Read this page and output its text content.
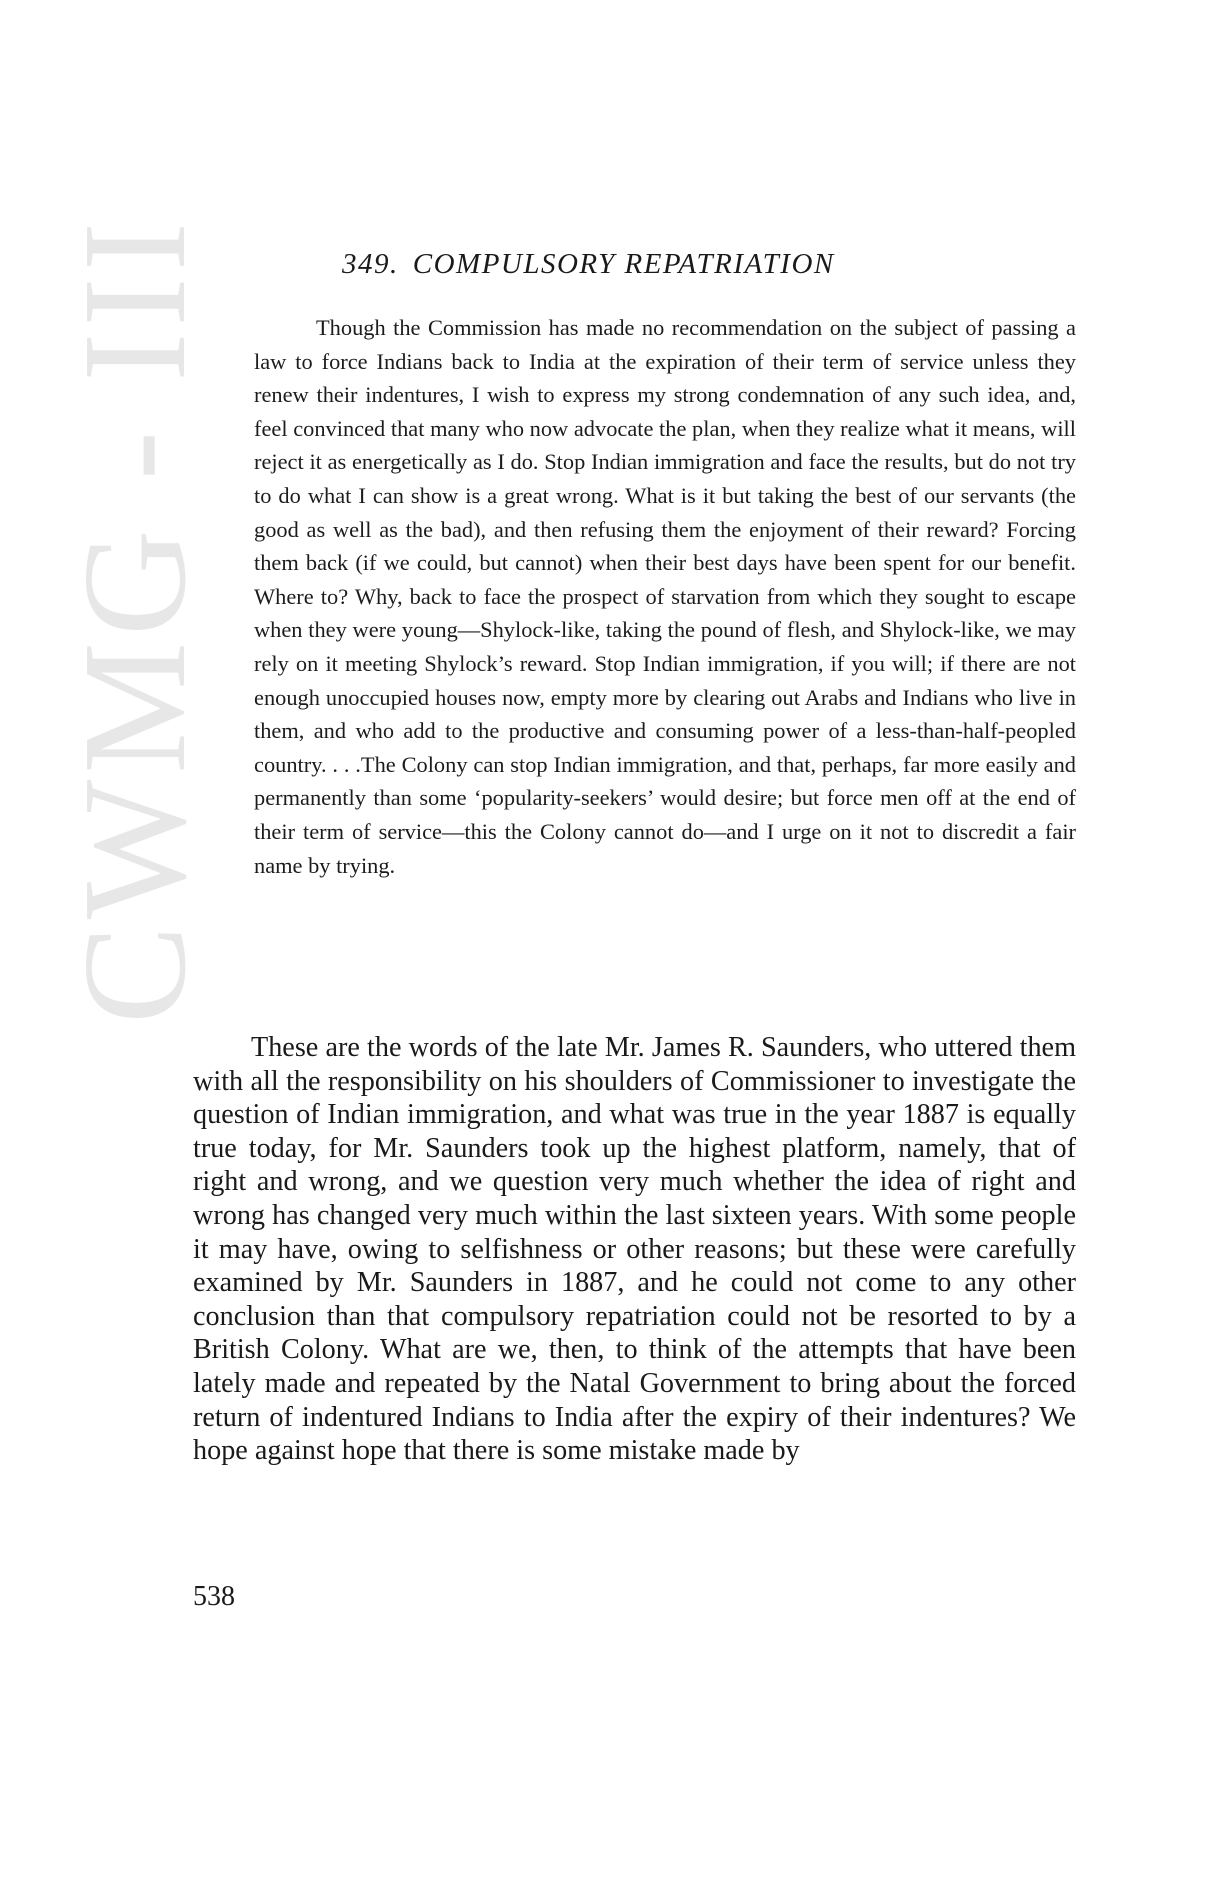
CWMG - III	349. COMPULSORY REPATRIATION

Though the Commission has made no recommendation on the subject of passing a law to force Indians back to India at the expiration of their term of service unless they renew their indentures, I wish to express my strong condemnation of any such idea, and, feel convinced that many who now advocate the plan, when they realize what it means, will reject it as energetically as I do. Stop Indian immigration and face the results, but do not try to do what I can show is a great wrong. What is it but taking the best of our servants (the good as well as the bad), and then refusing them the enjoyment of their reward? Forcing them back (if we could, but cannot) when their best days have been spent for our benefit. Where to? Why, back to face the prospect of starvation from which they sought to escape when they were young—Shylock-like, taking the pound of flesh, and Shylock-like, we may rely on it meeting Shylock’s reward. Stop Indian immigration, if you will; if there are not enough unoccupied houses now, empty more by clearing out Arabs and Indians who live in them, and who add to the productive and consuming power of a less-than-half-peopled country. . . .The Colony can stop Indian immigration, and that, perhaps, far more easily and permanently than some ‘popularity-seekers’ would desire; but force men off at the end of their term of service—this the Colony cannot do—and I urge on it not to discredit a fair name by trying.

These are the words of the late Mr. James R. Saunders, who uttered them with all the responsibility on his shoulders of Commissioner to investigate the question of Indian immigration, and what was true in the year 1887 is equally true today, for Mr. Saunders took up the highest platform, namely, that of right and wrong, and we question very much whether the idea of right and wrong has changed very much within the last sixteen years. With some people it may have, owing to selfishness or other reasons; but these were carefully examined by Mr. Saunders in 1887, and he could not come to any other conclusion than that compulsory repatriation could not be resorted to by a British Colony. What are we, then, to think of the attempts that have been lately made and repeated by the Natal Government to bring about the forced return of indentured Indians to India after the expiry of their indentures? We hope against hope that there is some mistake made by

538
